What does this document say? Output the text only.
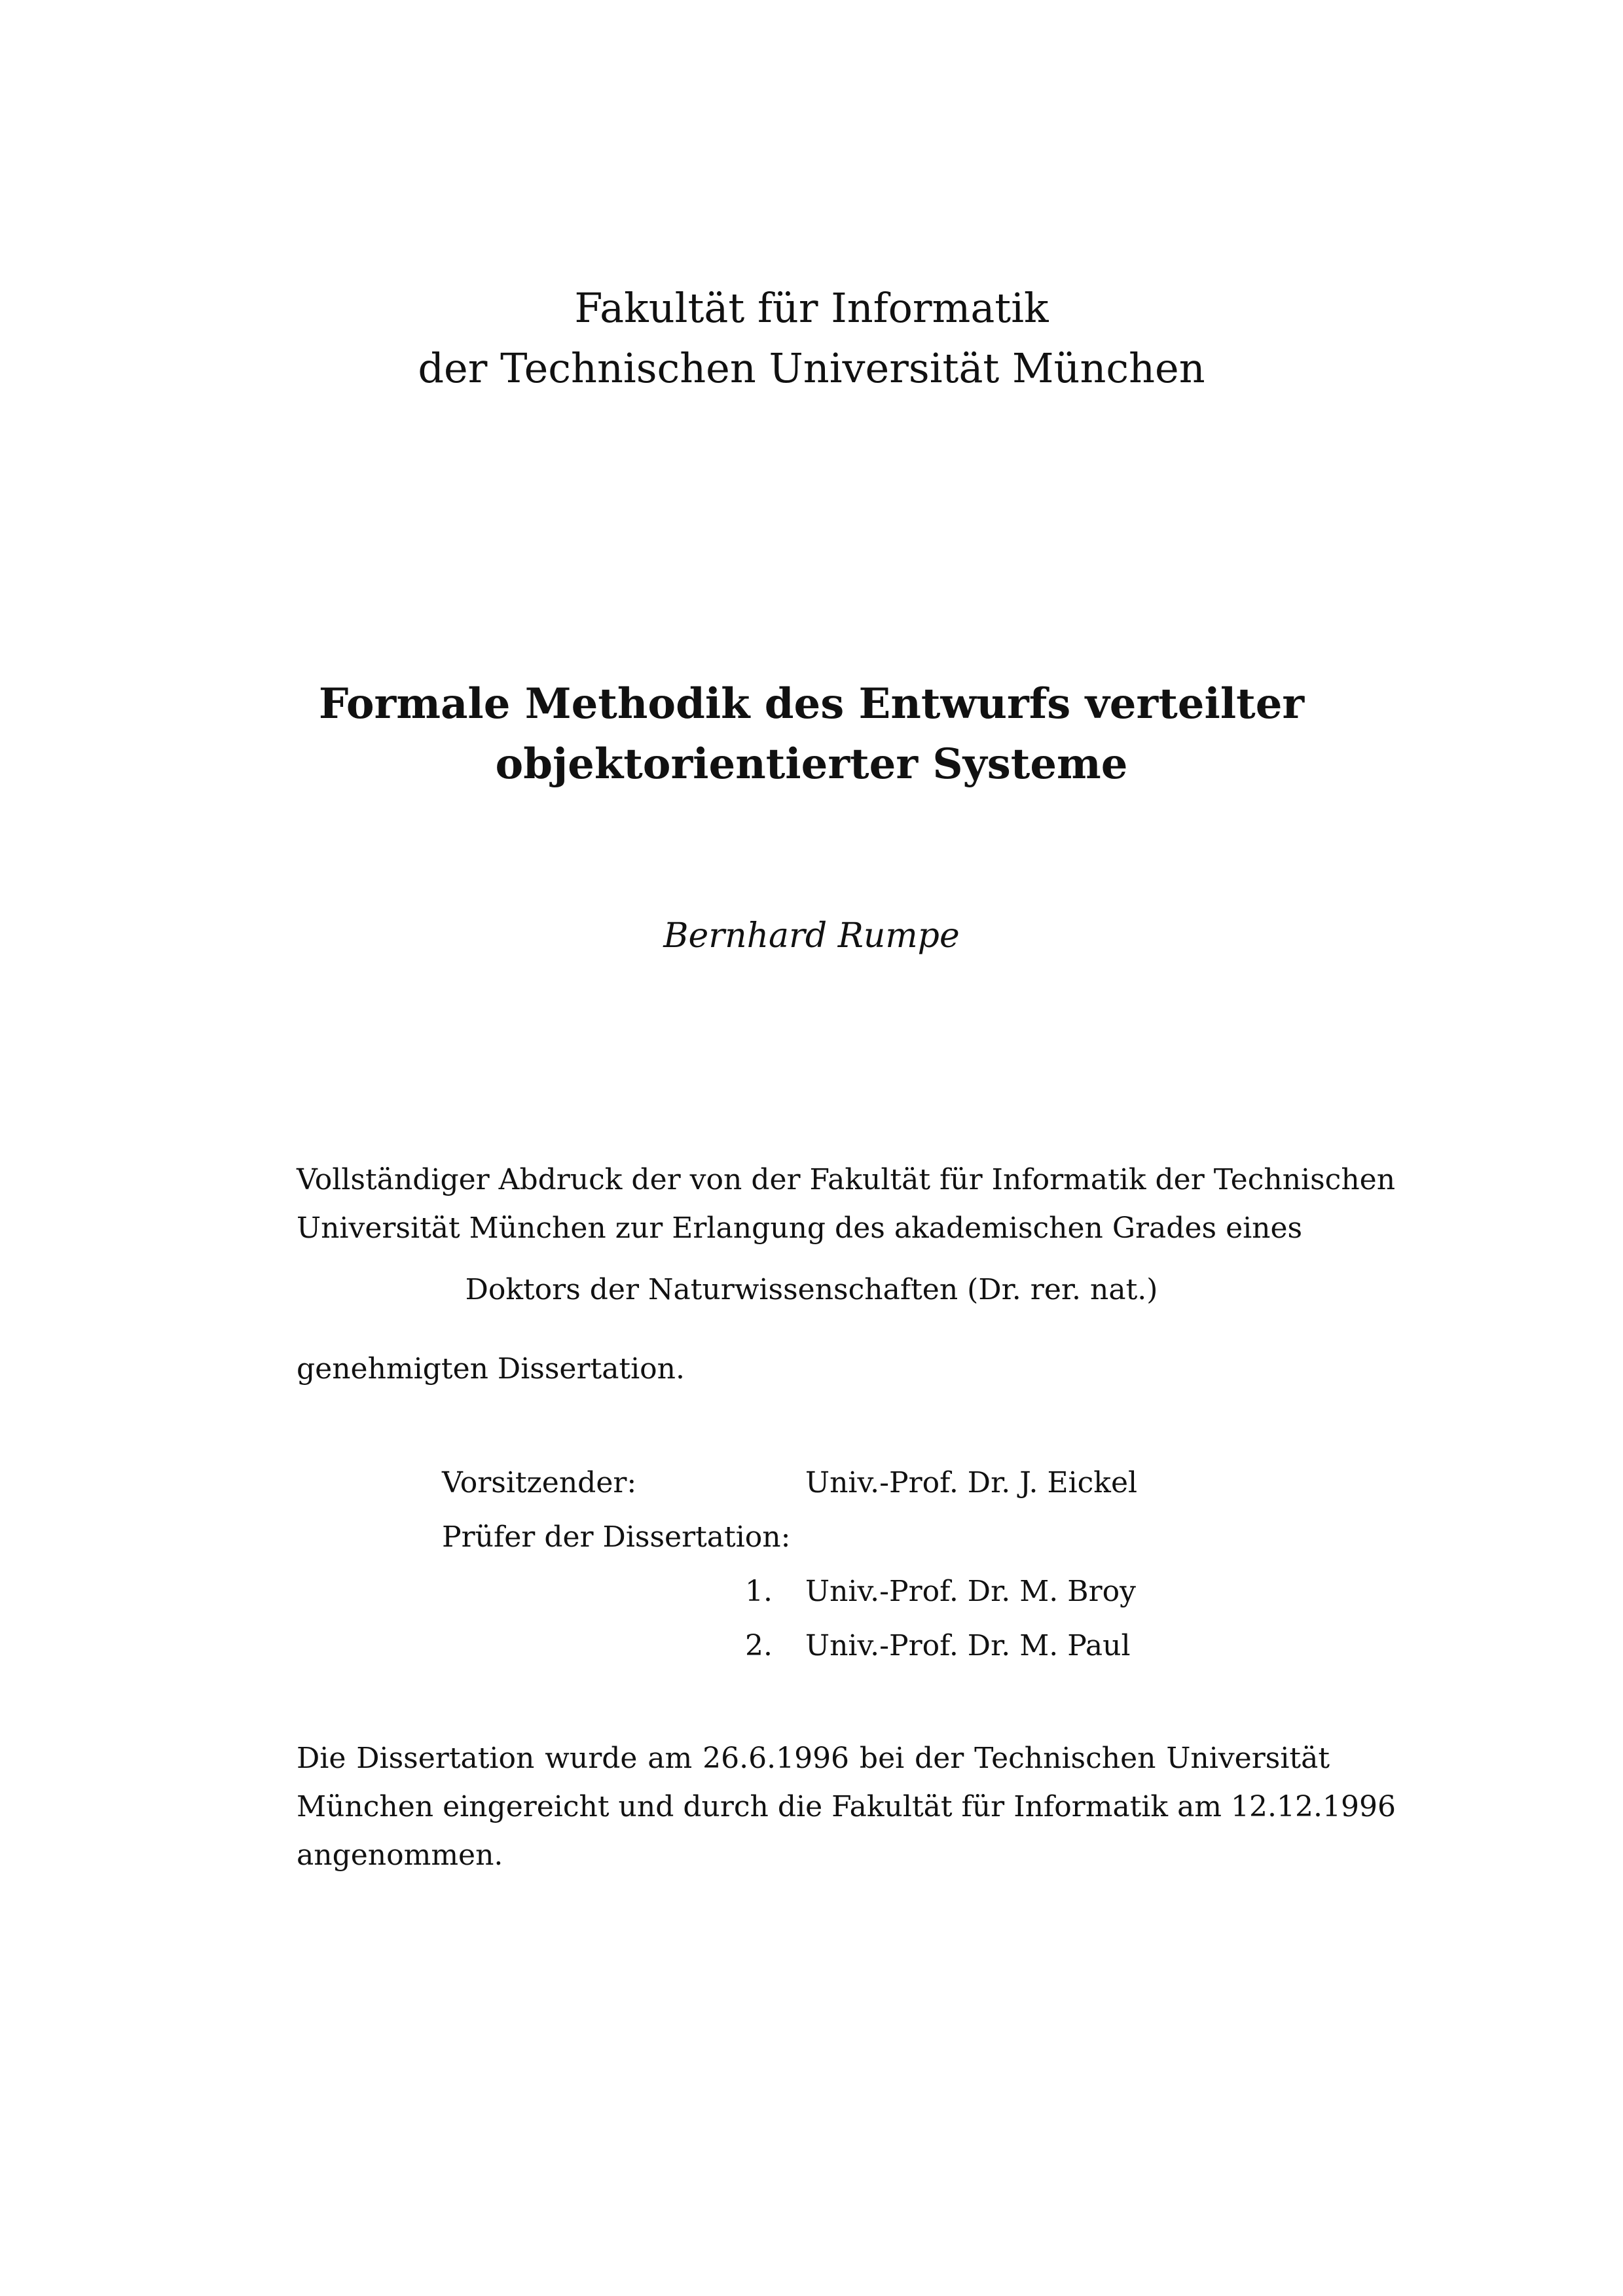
Fakultät für Informatik
der Technischen Universität München
Formale Methodik des Entwurfs verteilter
objektorientierter Systeme
Bernhard Rumpe
Vollständiger Abdruck der von der Fakultät für Informatik der Technischen
Universität München zur Erlangung des akademischen Grades eines
Doktors der Naturwissenschaften (Dr. rer. nat.)
genehmigten Dissertation.
Vorsitzender:	Univ.-Prof. Dr. J. Eickel
Prüfer der Dissertation:
1. Univ.-Prof. Dr. M. Broy
2. Univ.-Prof. Dr. M. Paul
Die Dissertation wurde am 26.6.1996 bei der Technischen Universität
München eingereicht und durch die Fakultät für Informatik am 12.12.1996
angenommen.
